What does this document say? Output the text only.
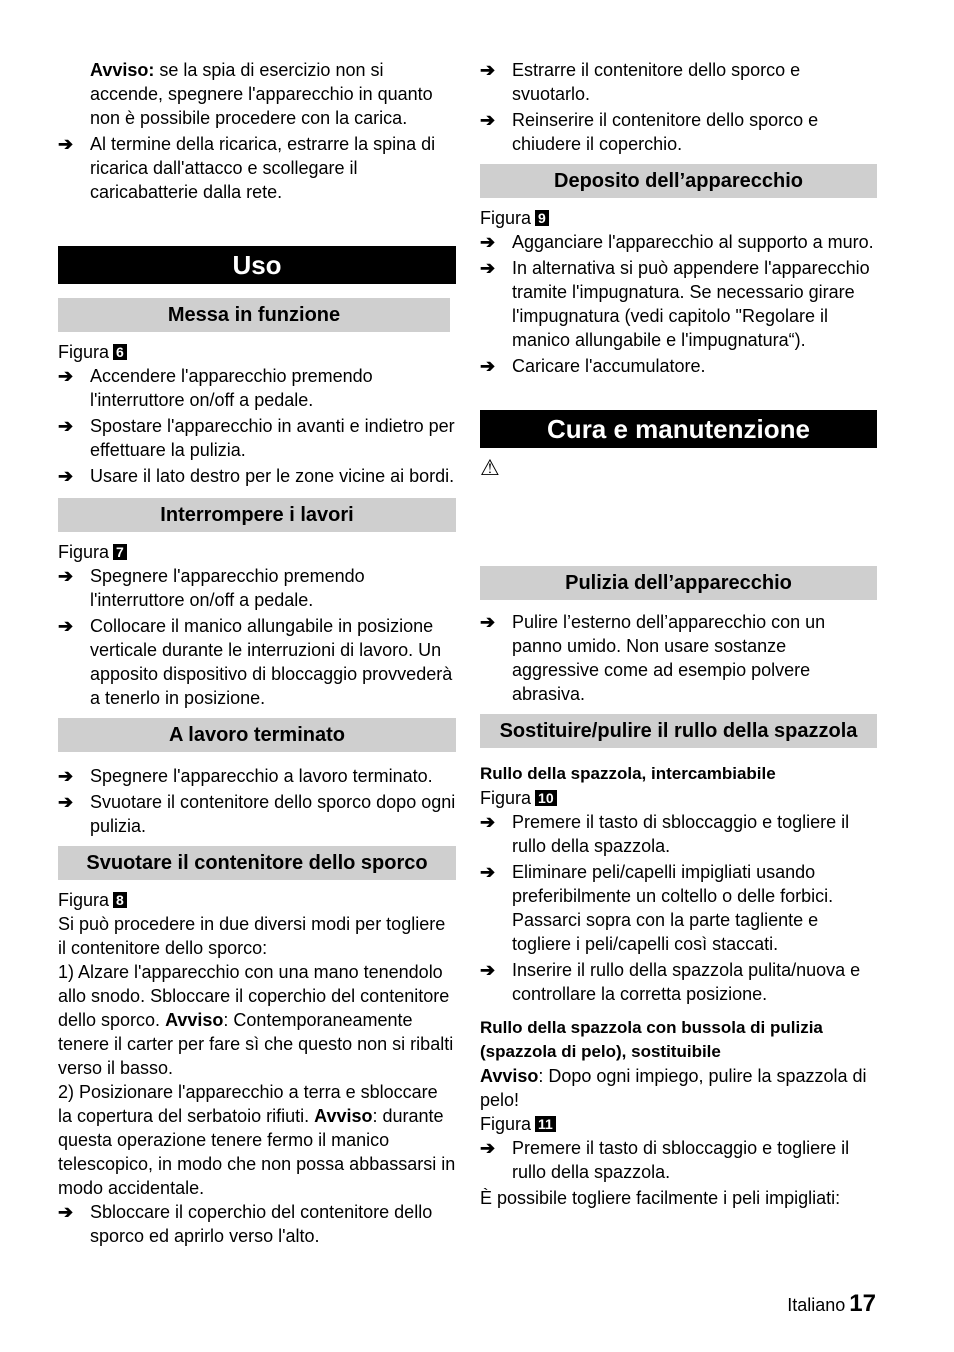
Avviso: se la spia di esercizio non si accende, spegnere l'apparecchio in quanto non è possibile procedere con la carica.

➔ Al termine della ricarica, estrarre la spina di ricarica dall'attacco e scollegare il caricabatterie dalla rete.
Uso
Messa in funzione

Figura 6

➔ Accendere l'apparecchio premendo l'interruttore on/off a pedale.
➔ Spostare l'apparecchio in avanti e indietro per effettuare la pulizia.
➔ Usare il lato destro per le zone vicine ai bordi.
Interrompere i lavori

Figura 7

➔ Spegnere l'apparecchio premendo l'interruttore on/off a pedale.
➔ Collocare il manico allungabile in posizione verticale durante le interruzioni di lavoro. Un apposito dispositivo di bloccaggio provvederà a tenerlo in posizione.
A lavoro terminato
➔ Spegnere l'apparecchio a lavoro terminato.
➔ Svuotare il contenitore dello sporco dopo ogni pulizia.
Svuotare il contenitore dello sporco

Figura 8

Si può procedere in due diversi modi per togliere il contenitore dello sporco:

1) Alzare l'apparecchio con una mano tenendolo allo snodo. Sbloccare il coperchio del contenitore dello sporco. Avviso: Contemporaneamente tenere il carter per fare sì che questo non si ribalti verso il basso.

2) Posizionare l'apparecchio a terra e sbloccare la copertura del serbatoio rifiuti. Avviso: durante questa operazione tenere fermo il manico telescopico, in modo che non possa abbassarsi in modo accidentale.

➔ Sbloccare il coperchio del contenitore dello sporco ed aprirlo verso l'alto.
➔ Estrarre il contenitore dello sporco e svuotarlo.
➔ Reinserire il contenitore dello sporco e chiudere il coperchio.
Deposito dell’apparecchio

Figura 9

➔ Agganciare l'apparecchio al supporto a muro.
➔ In alternativa si può appendere l'apparecchio tramite l'impugnatura. Se necessario girare l'impugnatura (vedi capitolo "Regolare il manico allungabile e l'impugnatura“).
➔ Caricare l'accumulatore.
Cura e manutenzione
⚠
Pulizia dell’apparecchio
➔ Pulire l’esterno dell’apparecchio con un panno umido. Non usare sostanze aggressive come ad esempio polvere abrasiva.
Sostituire/pulire il rullo della spazzola

Rullo della spazzola, intercambiabile

Figura 10

➔ Premere il tasto di sbloccaggio e togliere il rullo della spazzola.
➔ Eliminare peli/capelli impigliati usando preferibilmente un coltello o delle forbici. Passarci sopra con la parte tagliente e togliere i peli/capelli così staccati.
➔ Inserire il rullo della spazzola pulita/nuova e controllare la corretta posizione.

Rullo della spazzola con bussola di pulizia (spazzola di pelo), sostituibile

Avviso: Dopo ogni impiego, pulire la spazzola di pelo!

Figura 11

➔ Premere il tasto di sbloccaggio e togliere il rullo della spazzola.

È possibile togliere facilmente i peli impigliati:

Italiano 17
